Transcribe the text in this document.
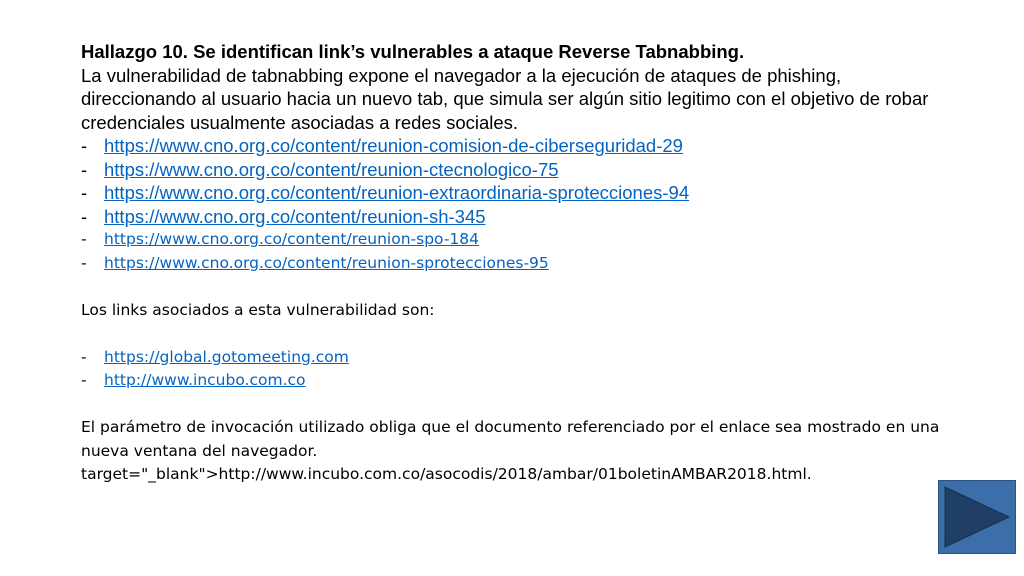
Hallazgo 10. Se identifican link’s vulnerables a ataque Reverse Tabnabbing.

La vulnerabilidad de tabnabbing expone el navegador a la ejecución de ataques de phishing, direccionando al usuario hacia un nuevo tab, que simula ser algún sitio legitimo con el objetivo de robar credenciales usualmente asociadas a redes sociales.

- https://www.cno.org.co/content/reunion-comision-de-ciberseguridad-29
- https://www.cno.org.co/content/reunion-ctecnologico-75
- https://www.cno.org.co/content/reunion-extraordinaria-sprotecciones-94
- https://www.cno.org.co/content/reunion-sh-345
- https://www.cno.org.co/content/reunion-spo-184
- https://www.cno.org.co/content/reunion-sprotecciones-95

Los links asociados a esta vulnerabilidad son:

- https://global.gotomeeting.com
- http://www.incubo.com.co

El parámetro de invocación utilizado obliga que el documento referenciado por el enlace sea mostrado en una nueva ventana del navegador.

target="_blank">http://www.incubo.com.co/asocodis/2018/ambar/01boletinAMBAR2018.html.
